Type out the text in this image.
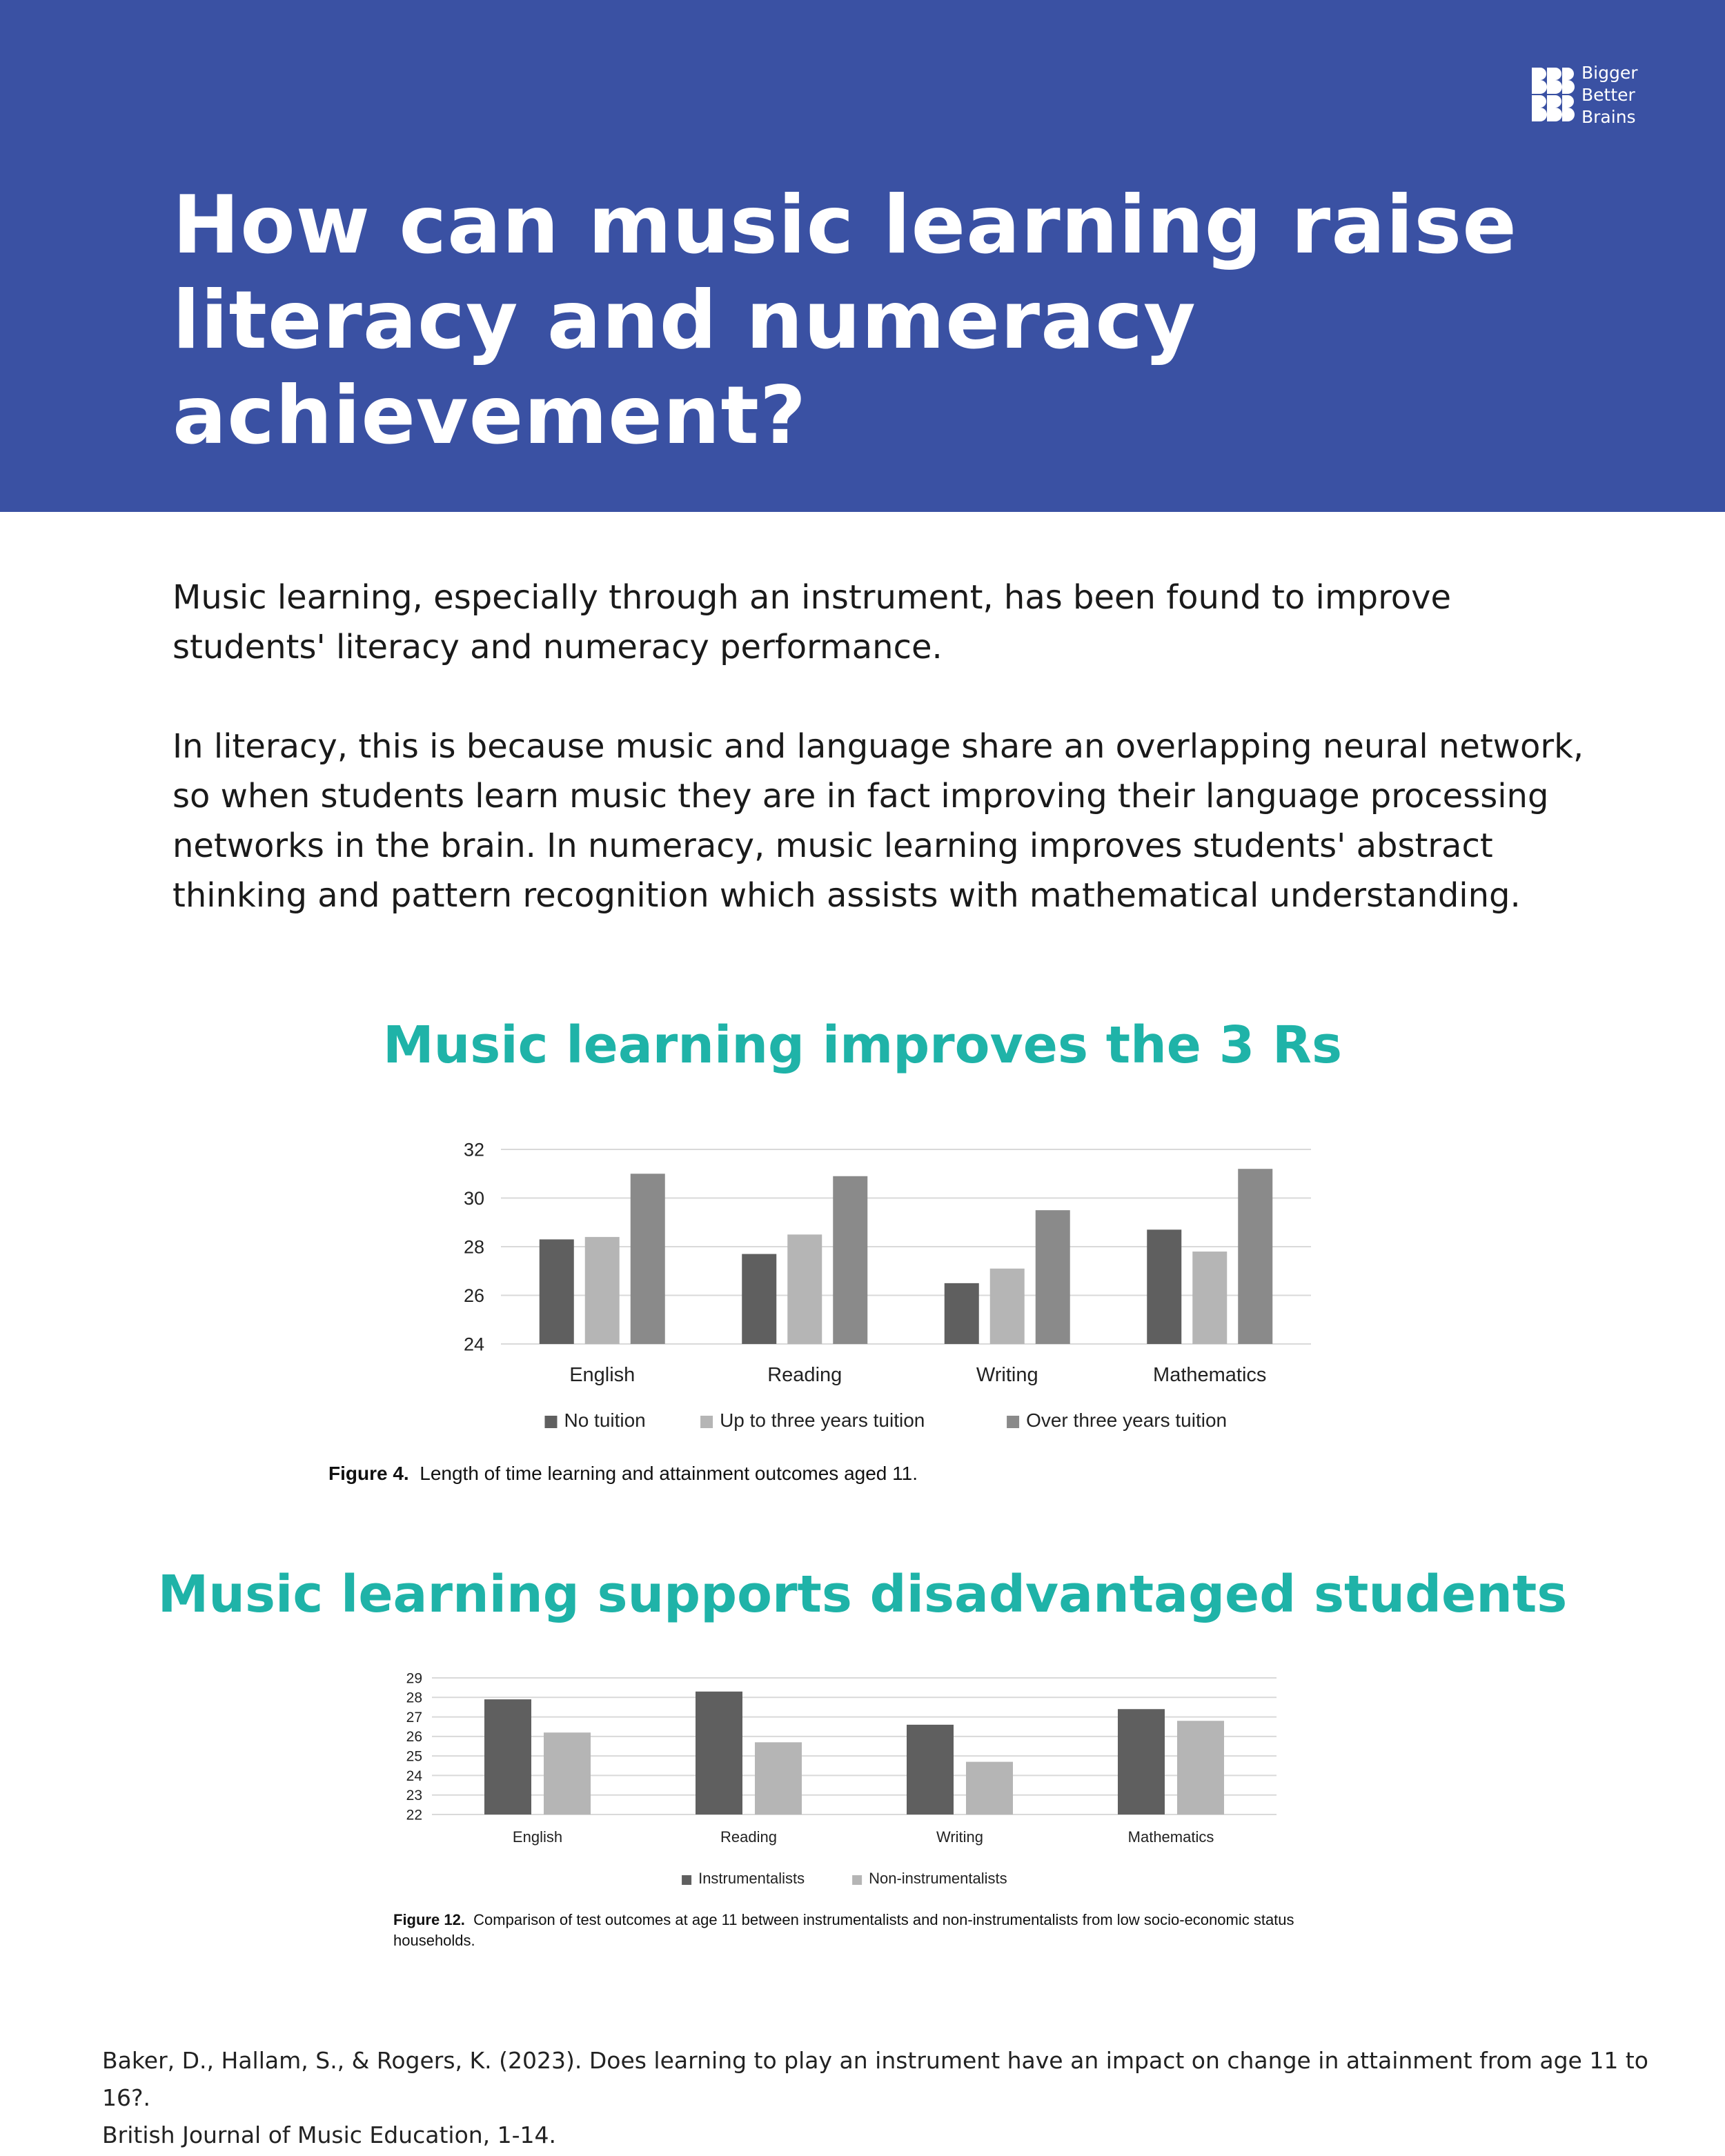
Bigger
Better
Brains
How can music learning raise literacy and numeracy achievement?

Music learning, especially through an instrument, has been found to improve students' literacy and numeracy performance.

In literacy, this is because music and language share an overlapping neural network, so when students learn music they are in fact improving their language processing networks in the brain. In numeracy, music learning improves students' abstract thinking and pattern recognition which assists with mathematical understanding.

Music learning improves the 3 Rs
24
26
28
30
32
English	Reading	Writing	Mathematics
No tuition	Up to three years tuition	Over three years tuition

Figure 4. Length of time learning and attainment outcomes aged 11.

Music learning supports disadvantaged students
22
23
24
25
26
27
28
29
English	Reading	Writing	Mathematics
Instrumentalists	Non-instrumentalists

Figure 12. Comparison of test outcomes at age 11 between instrumentalists and non-instrumentalists from low socio-economic status households.

Baker, D., Hallam, S., & Rogers, K. (2023). Does learning to play an instrument have an impact on change in attainment from age 11 to 16?.
British Journal of Music Education, 1-14.
